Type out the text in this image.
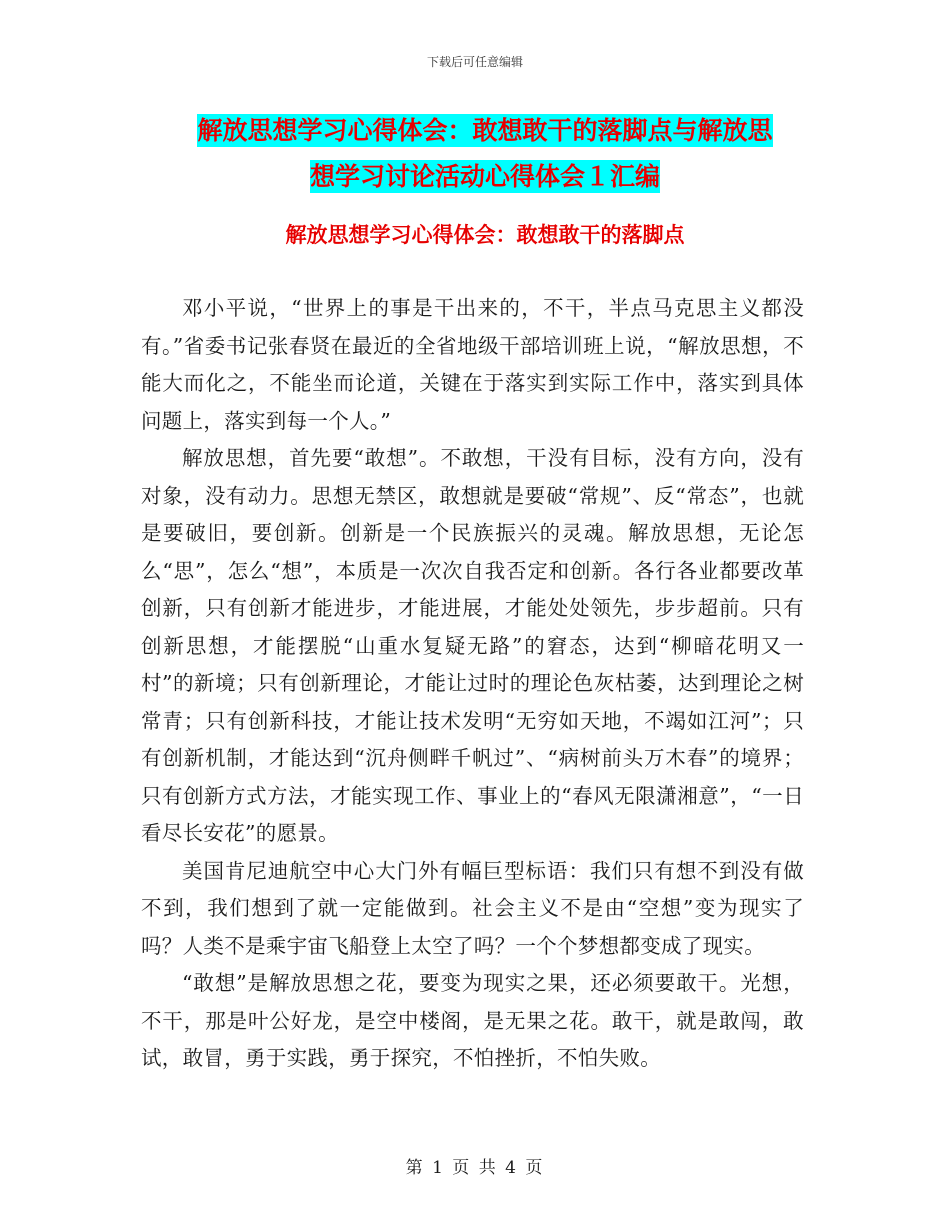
下载后可任意编辑
解放思想学习心得体会：敢想敢干的落脚点与解放思
想学习讨论活动心得体会１汇编
解放思想学习心得体会：敢想敢干的落脚点

邓小平说，“世界上的事是干出来的，不干，半点马克思主义都没有。”省委书记张春贤在最近的全省地级干部培训班上说，“解放思想，不能大而化之，不能坐而论道，关键在于落实到实际工作中，落实到具体问题上，落实到每一个人。”

解放思想，首先要“敢想”。不敢想，干没有目标，没有方向，没有对象，没有动力。思想无禁区，敢想就是要破“常规”、反“常态”，也就是要破旧，要创新。创新是一个民族振兴的灵魂。解放思想，无论怎么“思”，怎么“想”，本质是一次次自我否定和创新。各行各业都要改革创新，只有创新才能进步，才能进展，才能处处领先，步步超前。只有创新思想，才能摆脱“山重水复疑无路”的窘态，达到“柳暗花明又一村”的新境；只有创新理论，才能让过时的理论色灰枯萎，达到理论之树常青；只有创新科技，才能让技术发明“无穷如天地，不竭如江河”；只有创新机制，才能达到“沉舟侧畔千帆过”、“病树前头万木春”的境界；只有创新方式方法，才能实现工作、事业上的“春风无限潇湘意”，“一日看尽长安花”的愿景。

美国肯尼迪航空中心大门外有幅巨型标语：我们只有想不到没有做不到，我们想到了就一定能做到。社会主义不是由“空想”变为现实了吗？人类不是乘宇宙飞船登上太空了吗？一个个梦想都变成了现实。

“敢想”是解放思想之花，要变为现实之果，还必须要敢干。光想，不干，那是叶公好龙，是空中楼阁，是无果之花。敢干，就是敢闯，敢试，敢冒，勇于实践，勇于探究，不怕挫折，不怕失败。

第 1 页 共 4 页
